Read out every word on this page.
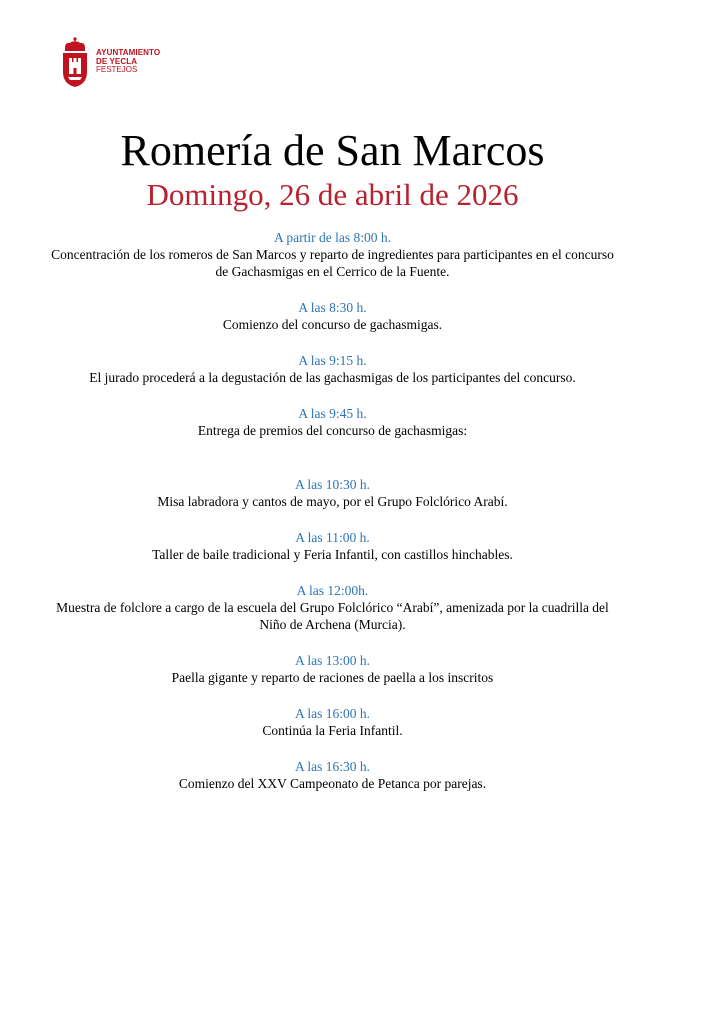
AYUNTAMIENTO
DE YECLA
FESTEJOS
Romería de San Marcos
Domingo, 26 de abril de 2026
A partir de las 8:00 h.
Concentración de los romeros de San Marcos y reparto de ingredientes para participantes en el concurso de Gachasmigas en el Cerrico de la Fuente.
A las 8:30 h.
Comienzo del concurso de gachasmigas.
A las 9:15 h.
El jurado procederá a la degustación de las gachasmigas de los participantes del concurso.
A las 9:45 h.
Entrega de premios del concurso de gachasmigas:
A las 10:30 h.
Misa labradora y cantos de mayo, por el Grupo Folclórico Arabí.
A las 11:00 h.
Taller de baile tradicional y Feria Infantil, con castillos hinchables.
A las 12:00h.
Muestra de folclore a cargo de la escuela del Grupo Folclórico “Arabí”, amenizada por la cuadrilla del Niño de Archena (Murcia).
A las 13:00 h.
Paella gigante y reparto de raciones de paella a los inscritos
A las 16:00 h.
Continúa la Feria Infantil.
A las 16:30 h.
Comienzo del XXV Campeonato de Petanca por parejas.
